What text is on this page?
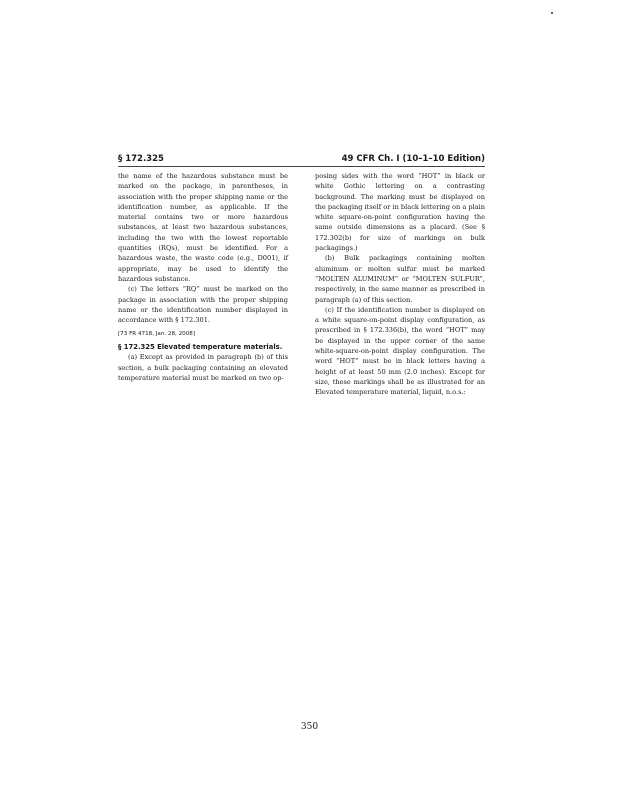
§ 172.325	49 CFR Ch. I (10–1–10 Edition)

the name of the hazardous substance must be marked on the package, in parentheses, in association with the proper shipping name or the identification number, as applicable. If the material contains two or more hazardous substances, at least two hazardous substances, including the two with the lowest reportable quantities (RQs), must be identified. For a hazardous waste, the waste code (e.g., D001), if appropriate, may be used to identify the hazardous substance.

(c) The letters “RQ” must be marked on the package in association with the proper shipping name or the identification number displayed in accordance with § 172.301.

[73 FR 4718, Jan. 28, 2008]

§ 172.325 Elevated temperature materials.

(a) Except as provided in paragraph (b) of this section, a bulk packaging containing an elevated temperature material must be marked on two op-

posing sides with the word “HOT” in black or white Gothic lettering on a contrasting background. The marking must be displayed on the packaging itself or in black lettering on a plain white square-on-point configuration having the same outside dimensions as a placard. (See § 172.302(b) for size of markings on bulk packagings.)

(b) Bulk packagings containing molten aluminum or molten sulfur must be marked “MOLTEN ALUMINUM” or “MOLTEN SULFUR”, respectively, in the same manner as prescribed in paragraph (a) of this section.

(c) If the identification number is displayed on a white square-on-point display configuration, as prescribed in § 172.336(b), the word “HOT” may be displayed in the upper corner of the same white-square-on-point display configuration. The word “HOT” must be in black letters having a height of at least 50 mm (2.0 inches). Except for size, these markings shall be as illustrated for an Elevated temperature material, liquid, n.o.s.:

350
